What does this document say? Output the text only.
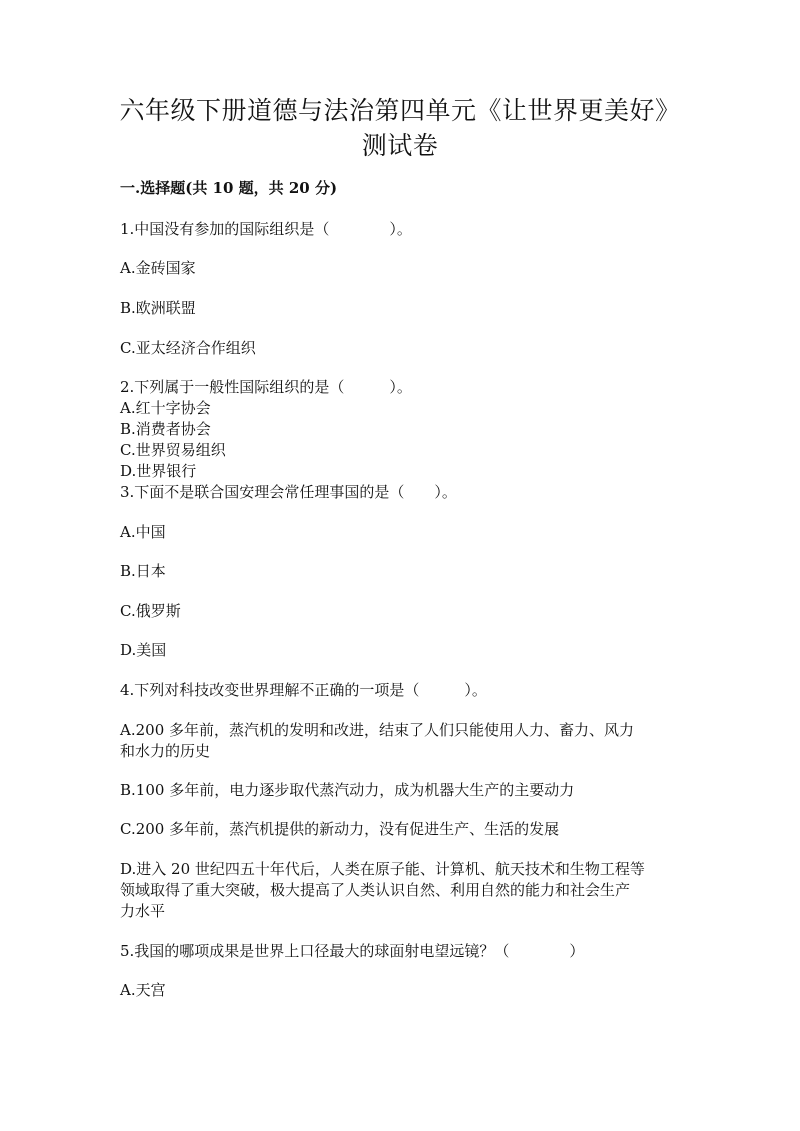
六年级下册道德与法治第四单元《让世界更美好》
测试卷
一.选择题(共 10 题，共 20 分)
1.中国没有参加的国际组织是（　　　　）。
A.金砖国家
B.欧洲联盟
C.亚太经济合作组织
2.下列属于一般性国际组织的是（　　　）。
A.红十字协会
B.消费者协会
C.世界贸易组织
D.世界银行
3.下面不是联合国安理会常任理事国的是（　　）。
A.中国
B.日本
C.俄罗斯
D.美国
4.下列对科技改变世界理解不正确的一项是（　　　）。
A.200 多年前，蒸汽机的发明和改进，结束了人们只能使用人力、畜力、风力
和水力的历史
B.100 多年前，电力逐步取代蒸汽动力，成为机器大生产的主要动力
C.200 多年前，蒸汽机提供的新动力，没有促进生产、生活的发展
D.进入 20 世纪四五十年代后，人类在原子能、计算机、航天技术和生物工程等
领域取得了重大突破，极大提高了人类认识自然、利用自然的能力和社会生产
力水平
5.我国的哪项成果是世界上口径最大的球面射电望远镜？（　　　　）
A.天宫
